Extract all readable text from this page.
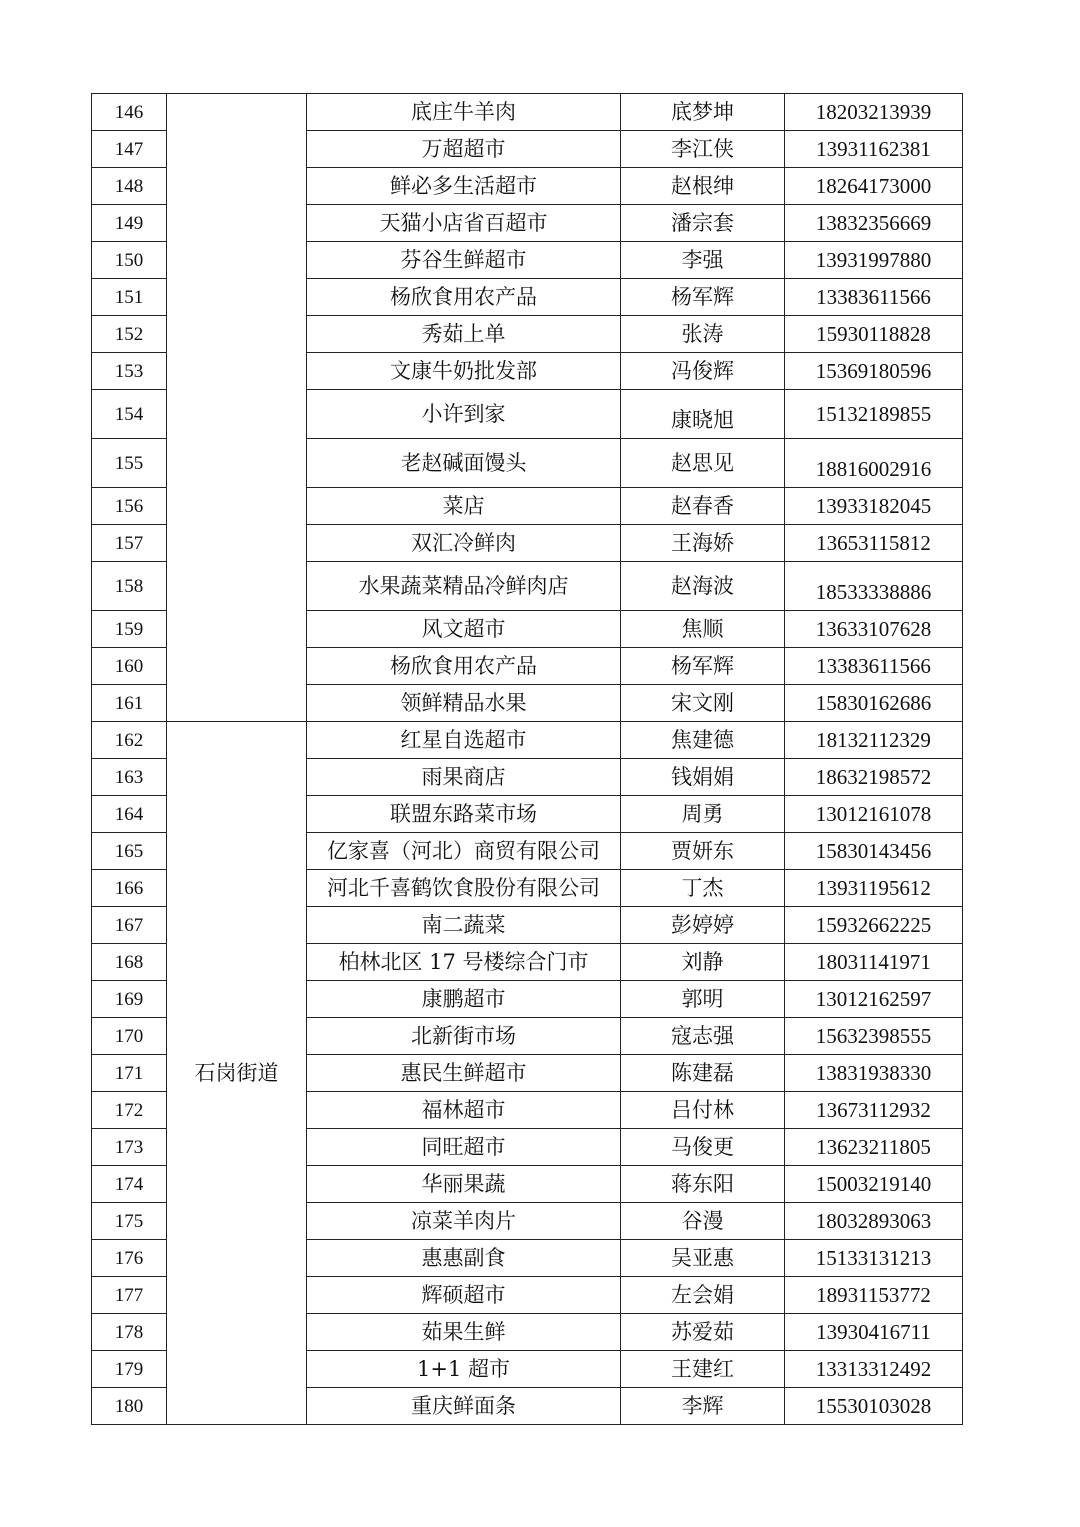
146		底庄牛羊肉	底梦坤	18203213939
147		万超超市	李江侠	13931162381
148		鲜必多生活超市	赵根绅	18264173000
149		天猫小店省百超市	潘宗套	13832356669
150		芬谷生鲜超市	李强	13931997880
151		杨欣食用农产品	杨军辉	13383611566
152		秀茹上单	张涛	15930118828
153		文康牛奶批发部	冯俊辉	15369180596
154		小许到家	康晓旭	15132189855
155		老赵碱面馒头	赵思见	18816002916
156		菜店	赵春香	13933182045
157		双汇冷鲜肉	王海娇	13653115812
158		水果蔬菜精品冷鲜肉店	赵海波	18533338886
159		风文超市	焦顺	13633107628
160		杨欣食用农产品	杨军辉	13383611566
161		领鲜精品水果	宋文刚	15830162686
162	石岗街道	红星自选超市	焦建德	18132112329
163		雨果商店	钱娟娟	18632198572
164		联盟东路菜市场	周勇	13012161078
165		亿家喜（河北）商贸有限公司	贾妍东	15830143456
166		河北千喜鹤饮食股份有限公司	丁杰	13931195612
167		南二蔬菜	彭婷婷	15932662225
168		柏林北区 17 号楼综合门市	刘静	18031141971
169		康鹏超市	郭明	13012162597
170		北新街市场	寇志强	15632398555
171		惠民生鲜超市	陈建磊	13831938330
172		福林超市	吕付林	13673112932
173		同旺超市	马俊更	13623211805
174		华丽果蔬	蒋东阳	15003219140
175		凉菜羊肉片	谷漫	18032893063
176		惠惠副食	吴亚惠	15133131213
177		辉硕超市	左会娟	18931153772
178		茹果生鲜	苏爱茹	13930416711
179		1+1 超市	王建红	13313312492
180		重庆鲜面条	李辉	15530103028
